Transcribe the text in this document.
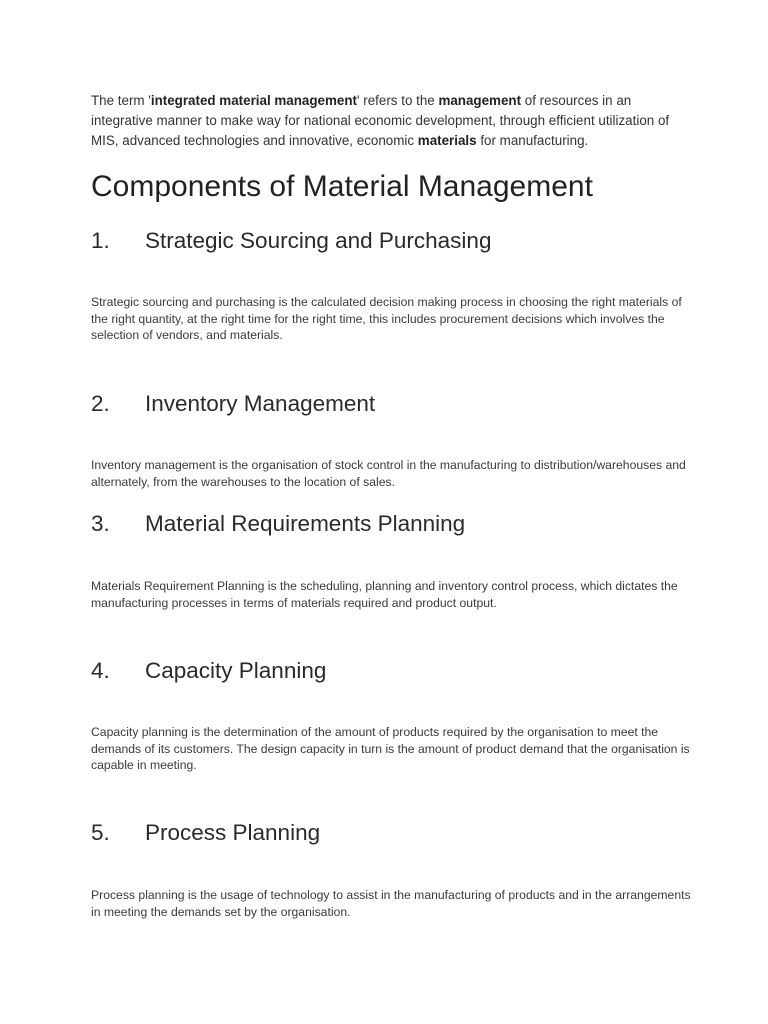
The term 'integrated material management' refers to the management of resources in an integrative manner to make way for national economic development, through efficient utilization of MIS, advanced technologies and innovative, economic materials for manufacturing.

Components of Material Management
1. Strategic Sourcing and Purchasing

Strategic sourcing and purchasing is the calculated decision making process in choosing the right materials of the right quantity, at the right time for the right time, this includes procurement decisions which involves the selection of vendors, and materials.

2. Inventory Management

Inventory management is the organisation of stock control in the manufacturing to distribution/warehouses and alternately, from the warehouses to the location of sales.

3. Material Requirements Planning

Materials Requirement Planning is the scheduling, planning and inventory control process, which dictates the manufacturing processes in terms of materials required and product output.

4. Capacity Planning

Capacity planning is the determination of the amount of products required by the organisation to meet the demands of its customers. The design capacity in turn is the amount of product demand that the organisation is capable in meeting.

5. Process Planning

Process planning is the usage of technology to assist in the manufacturing of products and in the arrangements in meeting the demands set by the organisation.
